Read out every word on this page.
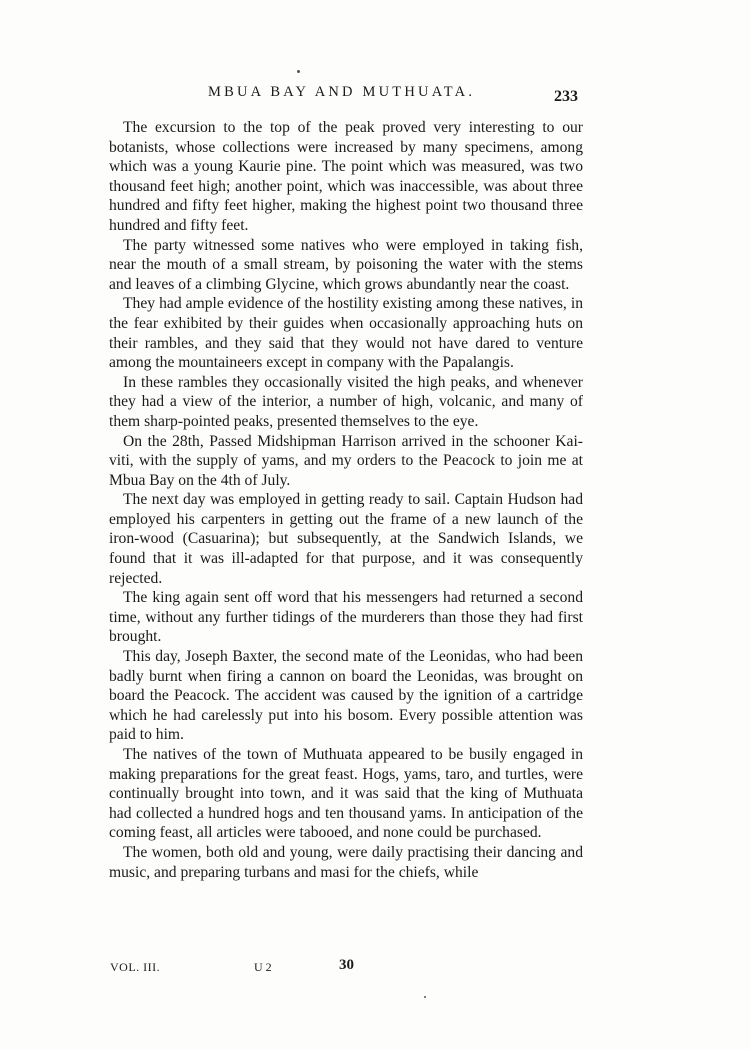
MBUA BAY AND MUTHUATA.	233

The excursion to the top of the peak proved very interesting to our botanists, whose collections were increased by many specimens, among which was a young Kaurie pine. The point which was measured, was two thousand feet high; another point, which was inaccessible, was about three hundred and fifty feet higher, making the highest point two thousand three hundred and fifty feet.

The party witnessed some natives who were employed in taking fish, near the mouth of a small stream, by poisoning the water with the stems and leaves of a climbing Glycine, which grows abundantly near the coast.

They had ample evidence of the hostility existing among these natives, in the fear exhibited by their guides when occasionally approaching huts on their rambles, and they said that they would not have dared to venture among the mountaineers except in company with the Papalangis.

In these rambles they occasionally visited the high peaks, and whenever they had a view of the interior, a number of high, volcanic, and many of them sharp-pointed peaks, presented themselves to the eye.

On the 28th, Passed Midshipman Harrison arrived in the schooner Kai-viti, with the supply of yams, and my orders to the Peacock to join me at Mbua Bay on the 4th of July.

The next day was employed in getting ready to sail. Captain Hudson had employed his carpenters in getting out the frame of a new launch of the iron-wood (Casuarina); but subsequently, at the Sandwich Islands, we found that it was ill-adapted for that purpose, and it was consequently rejected.

The king again sent off word that his messengers had returned a second time, without any further tidings of the murderers than those they had first brought.

This day, Joseph Baxter, the second mate of the Leonidas, who had been badly burnt when firing a cannon on board the Leonidas, was brought on board the Peacock. The accident was caused by the ignition of a cartridge which he had carelessly put into his bosom. Every possible attention was paid to him.

The natives of the town of Muthuata appeared to be busily engaged in making preparations for the great feast. Hogs, yams, taro, and turtles, were continually brought into town, and it was said that the king of Muthuata had collected a hundred hogs and ten thousand yams. In anticipation of the coming feast, all articles were tabooed, and none could be purchased.

The women, both old and young, were daily practising their dancing and music, and preparing turbans and masi for the chiefs, while

VOL. III.	U 2	30
